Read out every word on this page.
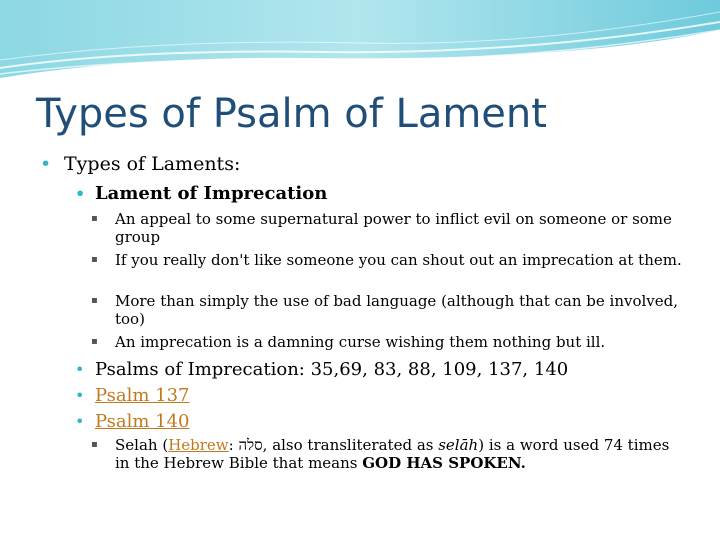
Types of Psalm of Lament
• Types of Laments:
• Lament of Imprecation
▪ An appeal to some supernatural power to inflict evil on someone or some group
▪ If you really don't like someone you can shout out an imprecation at them.
▪ More than simply the use of bad language (although that can be involved, too)
▪ An imprecation is a damning curse wishing them nothing but ill.
• Psalms of Imprecation: 35,69, 83, 88, 109, 137, 140
• Psalm 137
• Psalm 140
▪ Selah (Hebrew: סלה‎, also transliterated as selāh) is a word used 74 times in the Hebrew Bible that means GOD HAS SPOKEN.
